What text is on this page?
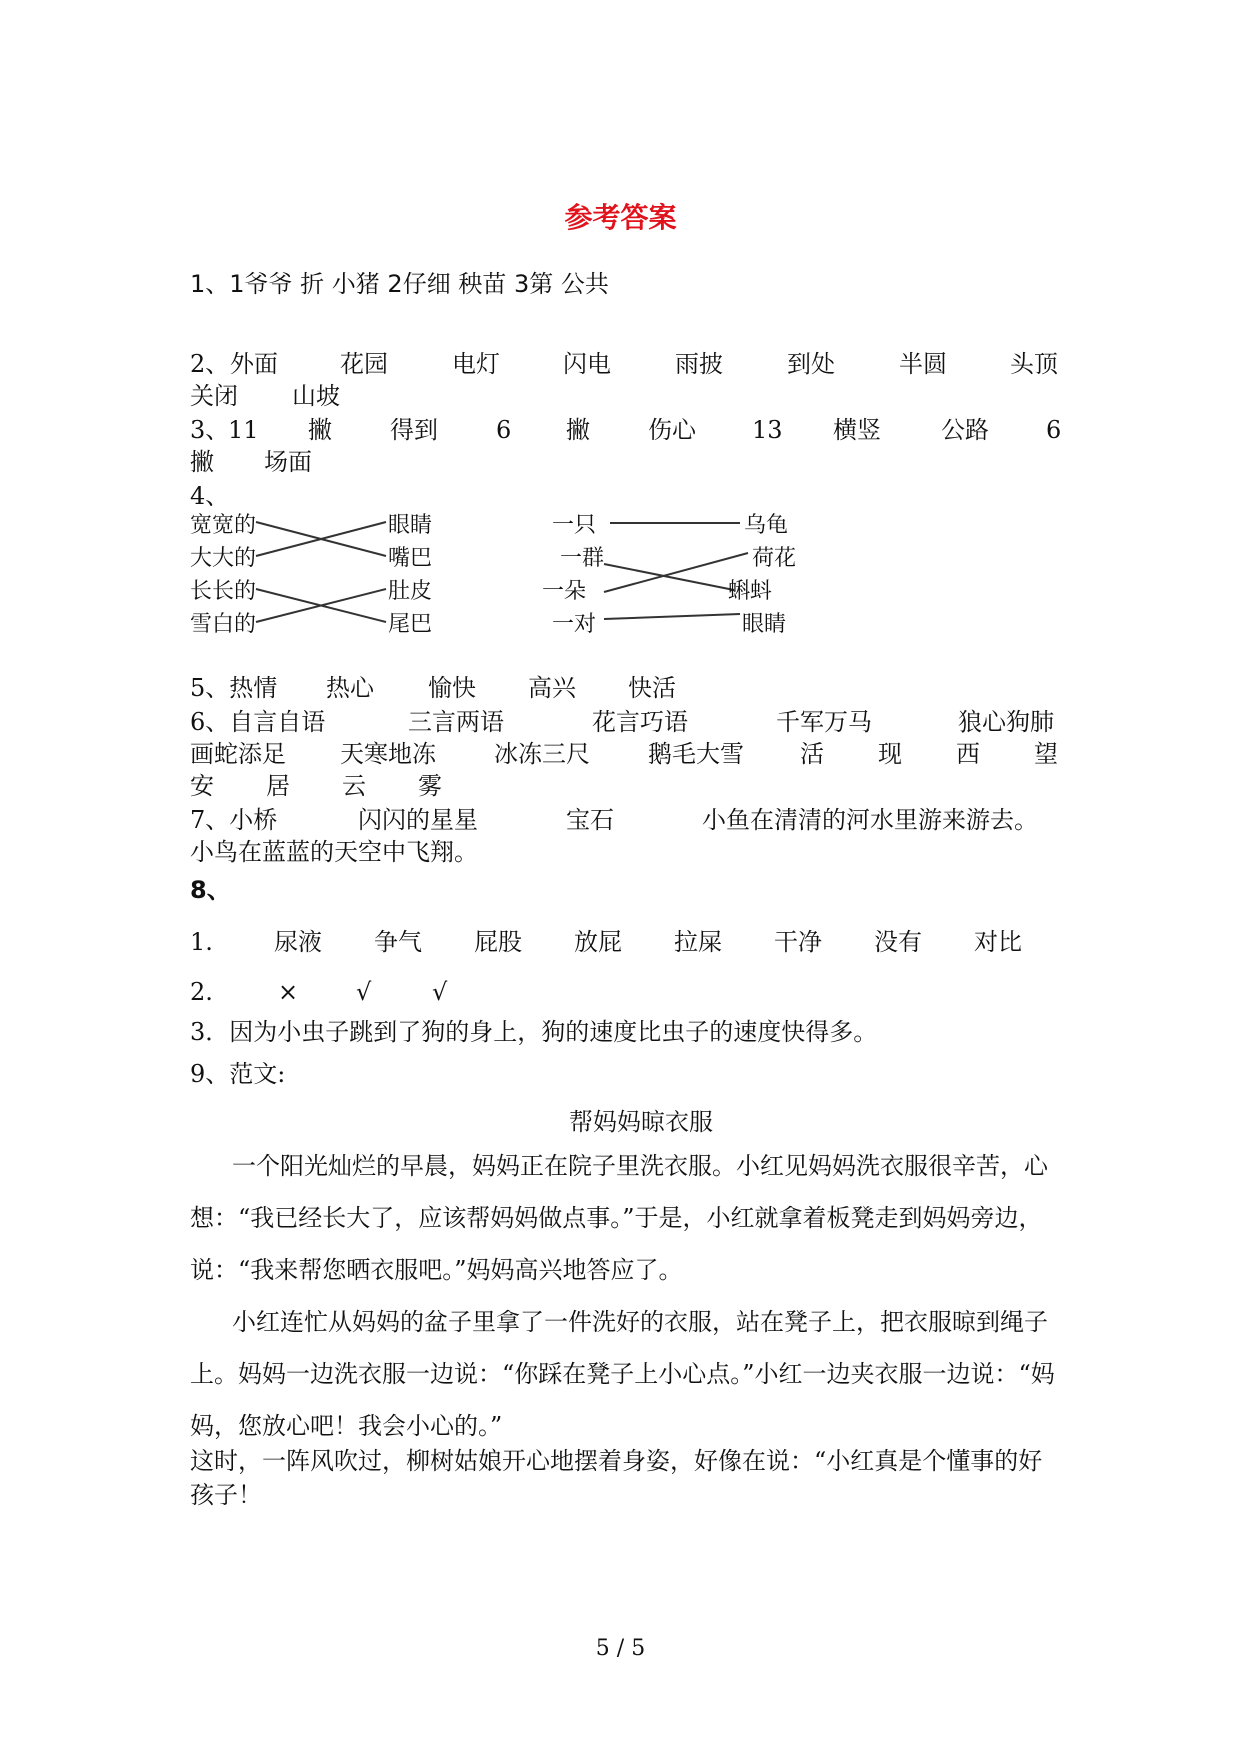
参考答案
1、1爷爷 折 小猪 2仔细 秧苗 3第 公共
2、 外面	花园	电灯	闪电	雨披	到处	半圆	头顶
关闭 山坡
3、
11 撇 得到 6 撇 伤心 13 横竖	公路 6
撇 场面
4、
宽宽的
大大的
长长的
雪白的
眼睛
嘴巴
肚皮
尾巴
一只
一群
一朵
一对
乌龟
荷花
蝌蚪
眼睛
5、热情 热心 愉快 高兴 快活
6、自言自语	三言两语	花言巧语	千军万马	狼心狗肺
画蛇添足 天寒地冻 冰冻三尺 鹅毛大雪 活 现 西 望
安 居 云 雾
7、小桥	闪闪的星星	宝石	小鱼在清清的河水里游来游去。
小鸟在蓝蓝的天空中飞翔。
8、
1.	尿液 争气 屁股 放屁 拉屎 干净 没有 对比
2.	× √	√
3．因为小虫子跳到了狗的身上，狗的速度比虫子的速度快得多。
9、范文:
帮妈妈晾衣服
一个阳光灿烂的早晨，妈妈正在院子里洗衣服。小红见妈妈洗衣服很辛苦，心想：“我已经长大了，应该帮妈妈做点事。”于是，小红就拿着板凳走到妈妈旁边，说：“我来帮您晒衣服吧。”妈妈高兴地答应了。
小红连忙从妈妈的盆子里拿了一件洗好的衣服，站在凳子上，把衣服晾到绳子上。妈妈一边洗衣服一边说：“你踩在凳子上小心点。”小红一边夹衣服一边说：“妈妈，您放心吧！我会小心的。”
这时，一阵风吹过，柳树姑娘开心地摆着身姿，好像在说：“小红真是个懂事的好孩子！
5 / 5
